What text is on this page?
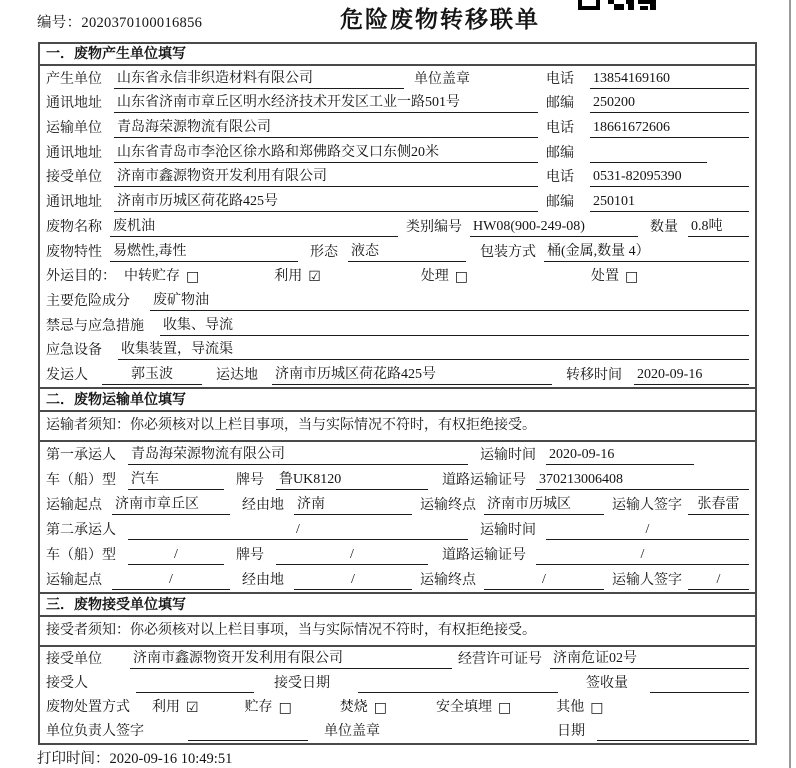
编号：2020370100016856	危险废物转移联单
一．废物产生单位填写
产生单位 山东省永信非织造材料有限公司	单位盖章	电话 13854169160
通讯地址 山东省济南市章丘区明水经济技术开发区工业一路501号	邮编 250200
运输单位 青岛海荣源物流有限公司	电话 18661672606
通讯地址 山东省青岛市李沧区徐水路和郑佛路交叉口东侧20米	邮编
接受单位 济南市鑫源物资开发利用有限公司	电话 0531-82095390
通讯地址 济南市历城区荷花路425号	邮编 250101
废物名称 废机油	类别编号 HW08(900-249-08)	数量 0.8吨
废物特性 易燃性,毒性	形态 液态	包装方式 桶(金属,数量 4）
外运目的： 中转贮存 □	利用 ☑	处理 □	处置 □
主要危险成分 废矿物油
禁忌与应急措施 收集、导流
应急设备 收集装置，导流渠
发运人	郭玉波	运达地 济南市历城区荷花路425号	转移时间 2020-09-16
二．废物运输单位填写
运输者须知：你必须核对以上栏目事项，当与实际情况不符时，有权拒绝接受。
第一承运人 青岛海荣源物流有限公司	运输时间 2020-09-16
车（船）型 汽车	牌号 鲁UK8120	道路运输证号 370213006408
运输起点 济南市章丘区	经由地 济南	运输终点 济南市历城区	运输人签字	张春雷
第二承运人	/	运输时间	/
车（船）型	/	牌号	/	道路运输证号	/
运输起点	/	经由地	/	运输终点	/	运输人签字	/
三．废物接受单位填写
接受者须知：你必须核对以上栏目事项，当与实际情况不符时，有权拒绝接受。
接受单位 济南市鑫源物资开发利用有限公司	经营许可证号 济南危证02号
接受人	接受日期	签收量
废物处置方式 利用 ☑	贮存 □	焚烧 □	安全填埋 □	其他 □
单位负责人签字	单位盖章	日期
打印时间：2020-09-16 10:49:51
